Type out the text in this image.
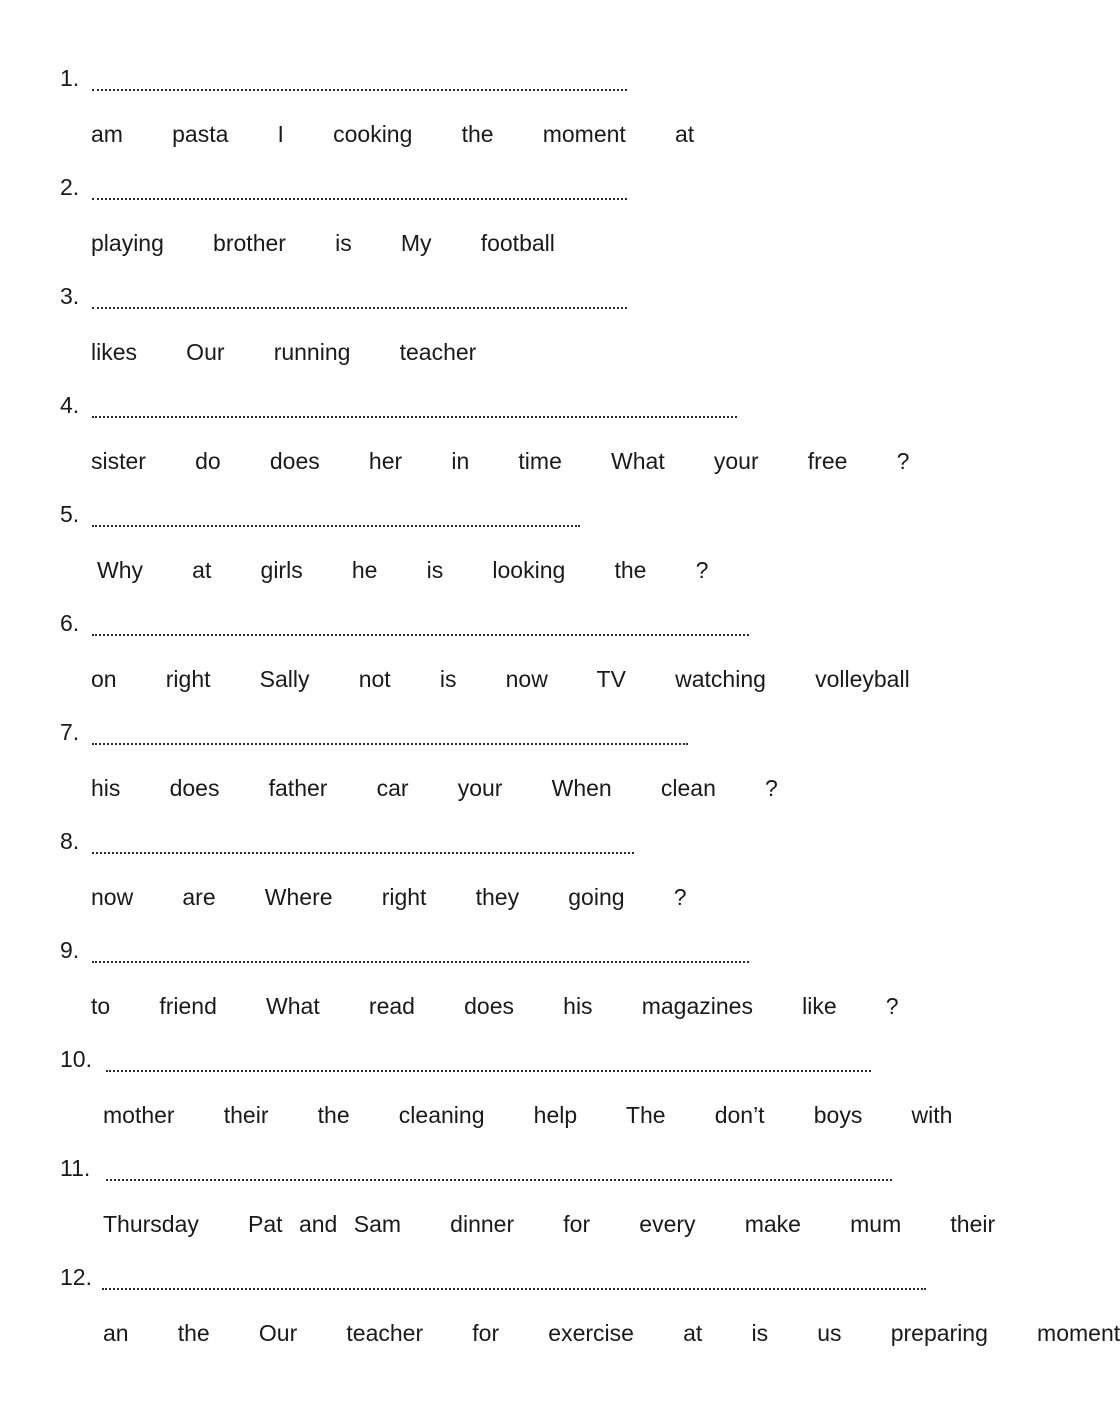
1.
am   pasta   I   cooking   the   moment   at
2.
playing   brother   is   My   football
3.
likes   Our   running   teacher
4.
sister   do   does   her   in   time   What   your   free   ?
5.
Why   at   girls   he   is   looking   the   ?
6.
on   right   Sally   not   is   now   TV   watching   volleyball
7.
his   does   father   car   your   When   clean   ?
8.
now   are   Where   right   they   going   ?
9.
to   friend   What   read   does   his   magazines   like   ?
10.
mother   their   the   cleaning   help   The   don’t   boys   with
11.
Thursday   Pat and Sam   dinner   for   every   make   mum   their
12.
an   the   Our   teacher   for   exercise   at   is   us   preparing   moment
